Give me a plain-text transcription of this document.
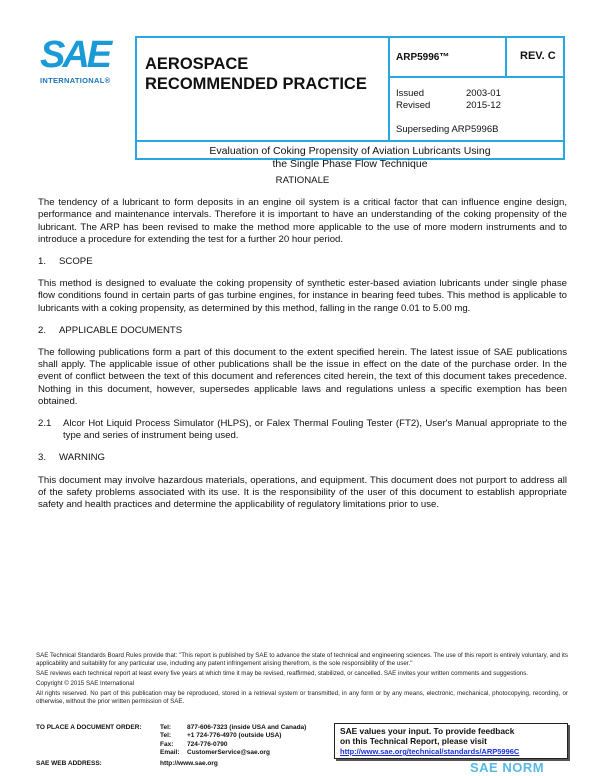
SAE
INTERNATIONAL®
AEROSPACE
RECOMMENDED PRACTICE
ARP5996™	REV. C
Issued	2003-01
Revised	2015-12
Superseding ARP5996B
Evaluation of Coking Propensity of Aviation Lubricants Using
the Single Phase Flow Technique
RATIONALE

The tendency of a lubricant to form deposits in an engine oil system is a critical factor that can influence engine design, performance and maintenance intervals. Therefore it is important to have an understanding of the coking propensity of the lubricant. The ARP has been revised to make the method more applicable to the use of more modern instruments and to introduce a procedure for extending the test for a further 20 hour period.

1. SCOPE

This method is designed to evaluate the coking propensity of synthetic ester-based aviation lubricants under single phase flow conditions found in certain parts of gas turbine engines, for instance in bearing feed tubes. This method is applicable to lubricants with a coking propensity, as determined by this method, falling in the range 0.01 to 5.00 mg.

2. APPLICABLE DOCUMENTS

The following publications form a part of this document to the extent specified herein. The latest issue of SAE publications shall apply. The applicable issue of other publications shall be the issue in effect on the date of the purchase order. In the event of conflict between the text of this document and references cited herein, the text of this document takes precedence. Nothing in this document, however, supersedes applicable laws and regulations unless a specific exemption has been obtained.

2.1	Alcor Hot Liquid Process Simulator (HLPS), or Falex Thermal Fouling Tester (FT2), User's Manual appropriate to the type and series of instrument being used.

3. WARNING

This document may involve hazardous materials, operations, and equipment. This document does not purport to address all of the safety problems associated with its use. It is the responsibility of the user of this document to establish appropriate safety and health practices and determine the applicability of regulatory limitations prior to use.

SAE Technical Standards Board Rules provide that: "This report is published by SAE to advance the state of technical and engineering sciences. The use of this report is entirely voluntary, and its applicability and suitability for any particular use, including any patent infringement arising therefrom, is the sole responsibility of the user."

SAE reviews each technical report at least every five years at which time it may be revised, reaffirmed, stabilized, or cancelled. SAE invites your written comments and suggestions.

Copyright © 2015 SAE International

All rights reserved. No part of this publication may be reproduced, stored in a retrieval system or transmitted, in any form or by any means, electronic, mechanical, photocopying, recording, or otherwise, without the prior written permission of SAE.

TO PLACE A DOCUMENT ORDER:	Tel: 877-606-7323 (inside USA and Canada)
Tel: +1 724-776-4970 (outside USA)
Fax: 724-776-0790
Email: CustomerService@sae.org
SAE WEB ADDRESS:	http://www.sae.org
SAE values your input. To provide feedback
on this Technical Report, please visit
http://www.sae.org/technical/standards/ARP5996C
SAE NORM
